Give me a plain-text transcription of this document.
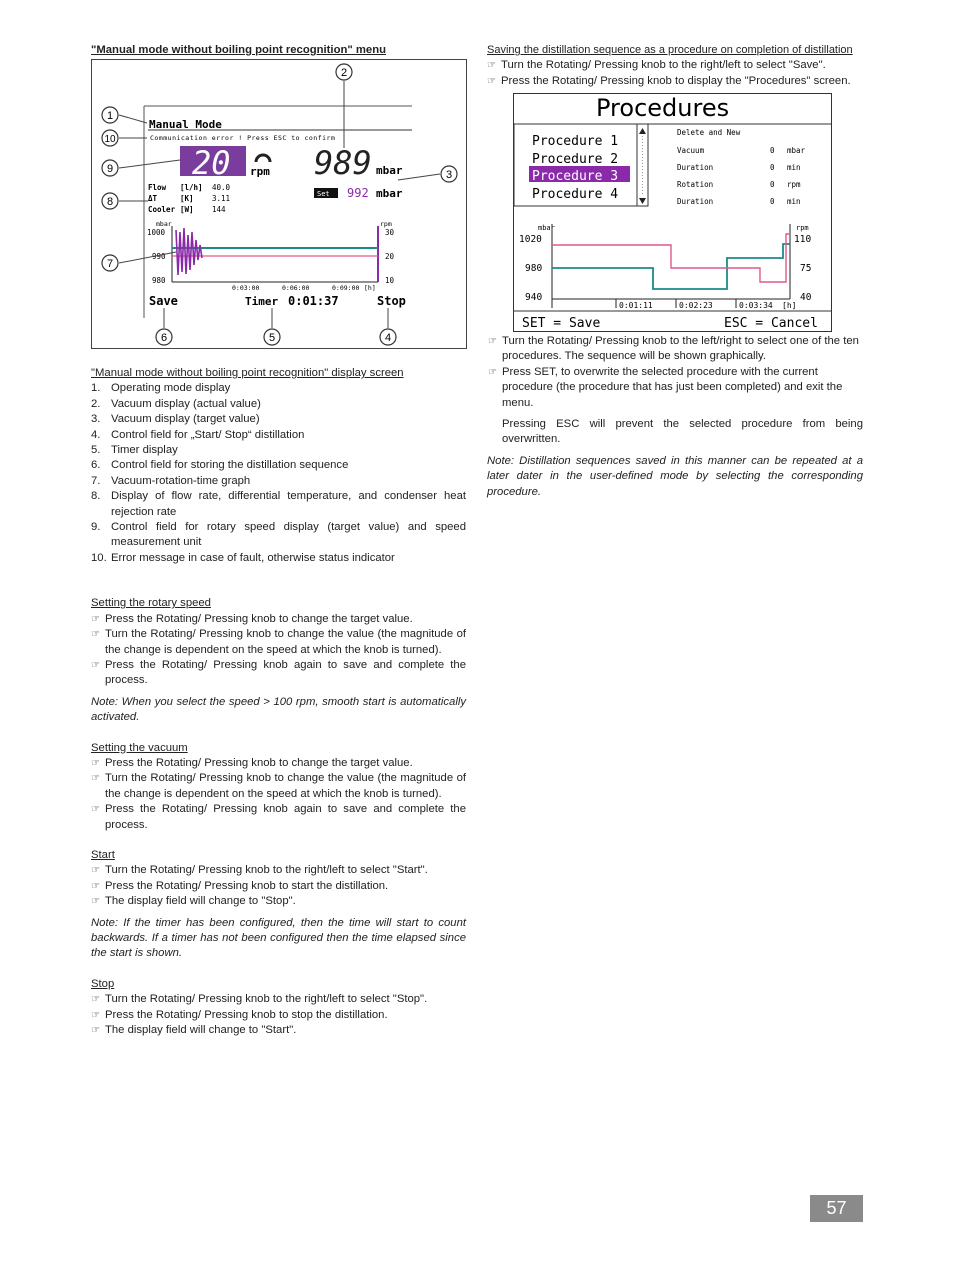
"Manual mode without boiling point recognition" menu

Manual Mode
Communication error ! Press ESC to confirm
20 rpm 989 mbar
Set 992 mbar
Flow [l/h] 40.0
ΔT	[K] 3.11
Cooler [W] 144
mbar	rpm
1000
990
980
30
20
10
0:03:00	0:06:00	0:09:00 [h]
Save	Timer 0:01:37	Stop
1
2
3
4
5
6
7
8
9
10

"Manual mode without boiling point recognition" display screen

1. Operating mode display

2. Vacuum display (actual value)

3. Vacuum display (target value)

4. Control field for „Start/ Stop“ distillation

5. Timer display

6. Control field for storing the distillation sequence

7. Vacuum-rotation-time graph

8. Display of flow rate, differential temperature, and condenser heat rejection rate

9. Control field for rotary speed display (target value) and speed measurement unit

10. Error message in case of fault, otherwise status indicator

Setting the rotary speed

☞ Press the Rotating/ Pressing knob to change the target value.

☞ Turn the Rotating/ Pressing knob to change the value (the magnitude of the change is dependent on the speed at which the knob is turned).

☞ Press the Rotating/ Pressing knob again to save and complete the process.

Note: When you select the speed > 100 rpm, smooth start is automatically activated.

Setting the vacuum

☞ Press the Rotating/ Pressing knob to change the target value.

☞ Turn the Rotating/ Pressing knob to change the value (the magnitude of the change is dependent on the speed at which the knob is turned).

☞ Press the Rotating/ Pressing knob again to save and complete the process.

Start

☞ Turn the Rotating/ Pressing knob to the right/left to select "Start".

☞ Press the Rotating/ Pressing knob to start the distillation.

☞ The display field will change to "Stop".

Note: If the timer has been configured, then the time will start to count backwards. If a timer has not been configured then the time elapsed since the start is shown.

Stop

☞ Turn the Rotating/ Pressing knob to the right/left to select "Stop".

☞ Press the Rotating/ Pressing knob to stop the distillation.

☞ The display field will change to "Start".

Saving the distillation sequence as a procedure on completion of distillation

☞ Turn the Rotating/ Pressing knob to the right/left to select "Save".

☞ Press the Rotating/ Pressing knob to display the "Procedures" screen.

Procedures
Procedure 1
Procedure 2
Procedure 3
Procedure 4
Delete and New
Vacuum	0 mbar
Duration	0 min
Rotation	0 rpm
Duration	0 min
mbar	rpm
1020
980
940
110
75
40
0:01:11	0:02:23	0:03:34 [h]
SET = Save	ESC = Cancel

☞ Turn the Rotating/ Pressing knob to the left/right to select one of the ten procedures. The sequence will be shown graphically.

☞ Press SET, to overwrite the selected procedure with the current procedure (the procedure that has just been completed) and exit the menu.

Pressing ESC will prevent the selected procedure from being overwritten.

Note: Distillation sequences saved in this manner can be repeated at a later dater in the user-defined mode by selecting the corresponding procedure.

57
